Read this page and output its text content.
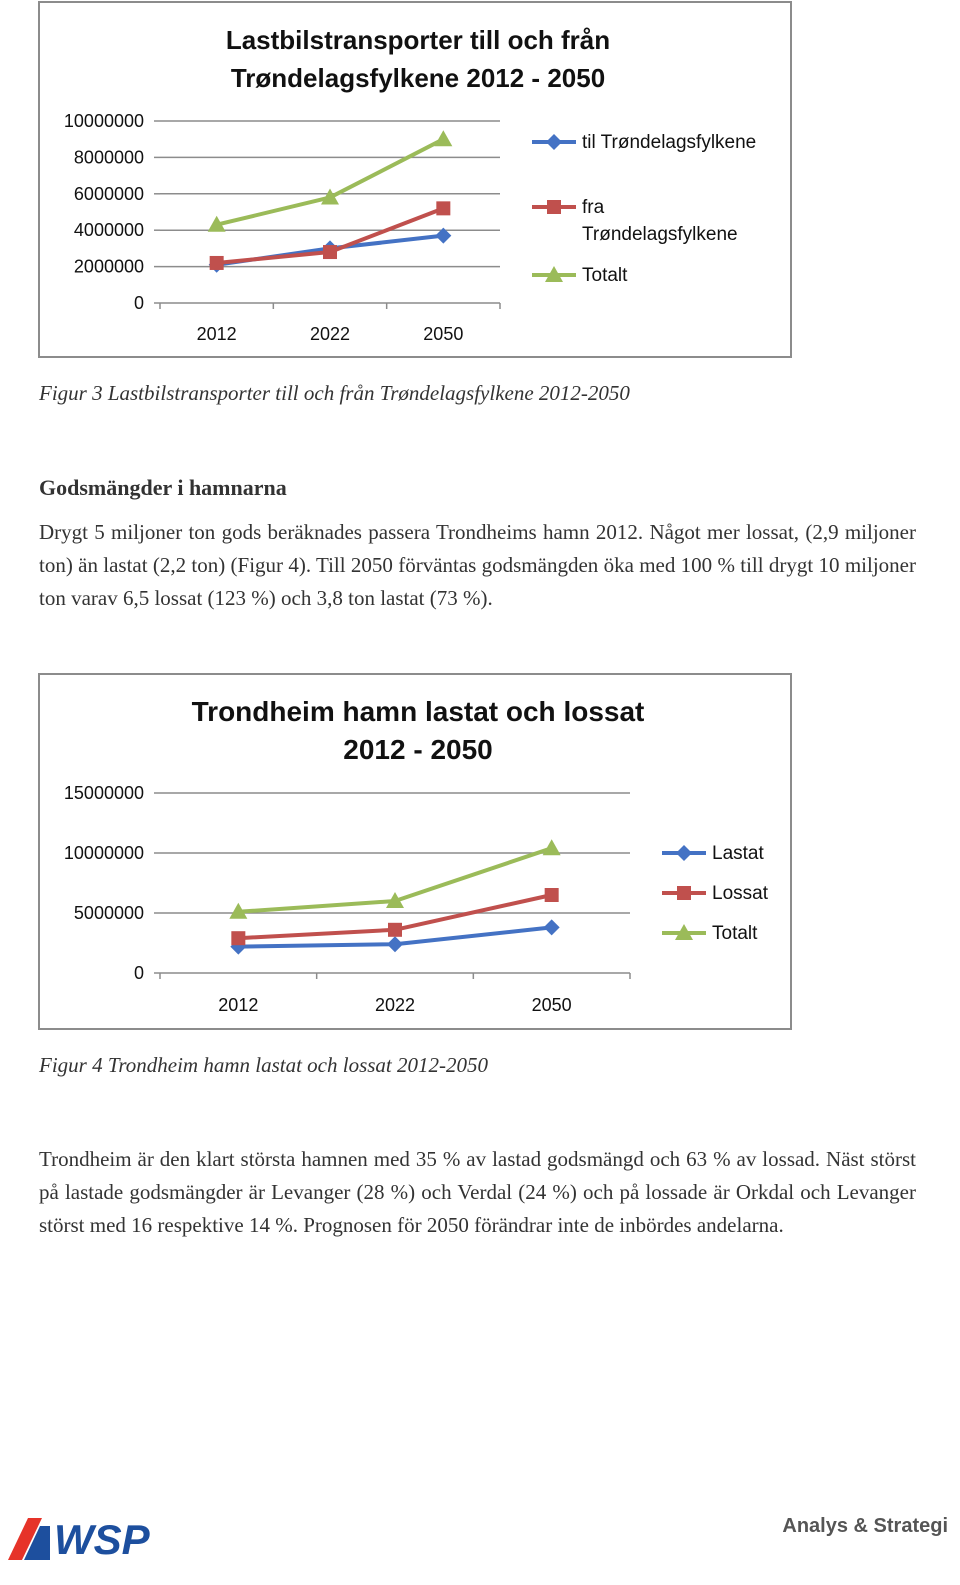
Lastbilstransporter till och från
Trøndelagsfylkene 2012 - 2050
0
2000000
4000000
6000000
8000000
10000000
2012	2022	2050
til Trøndelagsfylkene
fra
Trøndelagsfylkene
Totalt
Figur 3 Lastbilstransporter till och från Trøndelagsfylkene 2012-2050
Godsmängder i hamnarna

Drygt 5 miljoner ton gods beräknades passera Trondheims hamn 2012. Något mer lossat, (2,9 miljoner ton) än lastat (2,2 ton) (Figur 4). Till 2050 förväntas godsmängden öka med 100 % till drygt 10 miljoner ton varav 6,5 lossat (123 %) och 3,8 ton lastat (73 %).

Trondheim hamn lastat och lossat
2012 - 2050
0
5000000
10000000
15000000
2012	2022	2050
Lastat
Lossat
Totalt
Figur 4 Trondheim hamn lastat och lossat 2012-2050

Trondheim är den klart största hamnen med 35 % av lastad godsmängd och 63 % av lossad. Näst störst på lastade godsmängder är Levanger (28 %) och Verdal (24 %) och på lossade är Orkdal och Levanger störst med 16 respektive 14 %. Prognosen för 2050 förändrar inte de inbördes andelarna.

WSP	Analys & Strategi
